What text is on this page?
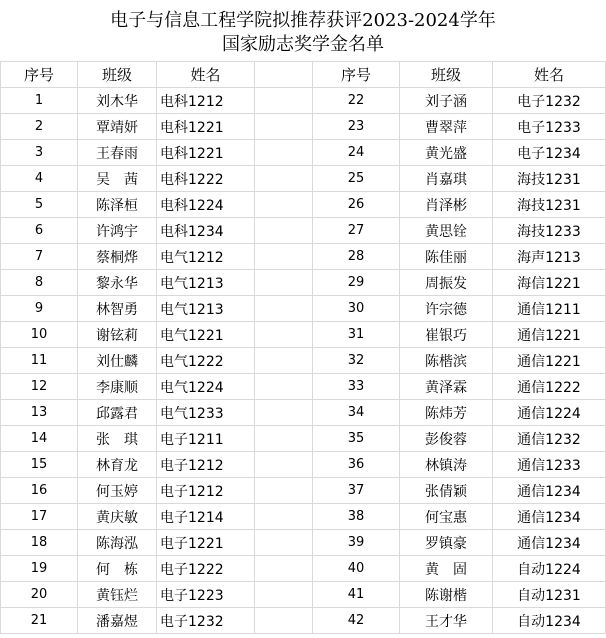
电子与信息工程学院拟推荐获评2023-2024学年
国家励志奖学金名单
序号	班级	姓名		序号	班级	姓名
1	刘木华	电科1212		22	刘子涵	电子1232
2	覃靖妍	电科1221		23	曹翠萍	电子1233
3	王春雨	电科1221		24	黄光盛	电子1234
4	吴　茜	电科1222		25	肖嘉琪	海技1231
5	陈泽桓	电科1224		26	肖泽彬	海技1231
6	许鸿宇	电科1234		27	黄思铨	海技1233
7	蔡桐烨	电气1212		28	陈佳丽	海声1213
8	黎永华	电气1213		29	周振发	海信1221
9	林智勇	电气1213		30	许宗德	通信1211
10	谢铉莉	电气1221		31	崔银巧	通信1221
11	刘仕麟	电气1222		32	陈楷滨	通信1221
12	李康顺	电气1224		33	黄泽霖	通信1222
13	邱露君	电气1233		34	陈炜芳	通信1224
14	张　琪	电子1211		35	彭俊蓉	通信1232
15	林育龙	电子1212		36	林镇涛	通信1233
16	何玉婷	电子1212		37	张倩颖	通信1234
17	黄庆敏	电子1214		38	何宝惠	通信1234
18	陈海泓	电子1221		39	罗镇豪	通信1234
19	何　栋	电子1222		40	黄　固	自动1224
20	黄钰烂	电子1223		41	陈谢楷	自动1231
21	潘嘉煜	电子1232		42	王才华	自动1234
